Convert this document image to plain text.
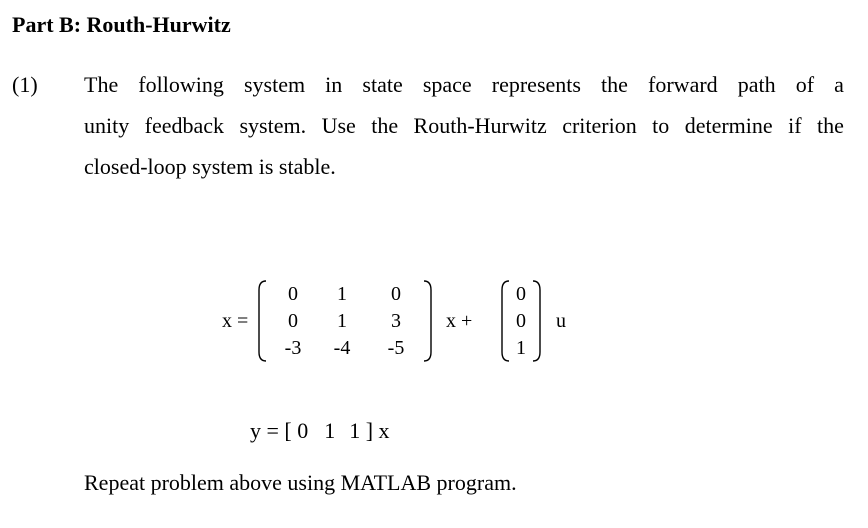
Part B: Routh-Hurwitz
(1) The following system in state space represents the forward path of a
unity feedback system. Use the Routh-Hurwitz criterion to determine if the
closed-loop system is stable.
x =
0	1	0
0	1	3
-3	-4	-5
x +
0
0
1
u
y = [ 0 1 1 ] x
Repeat problem above using MATLAB program.
